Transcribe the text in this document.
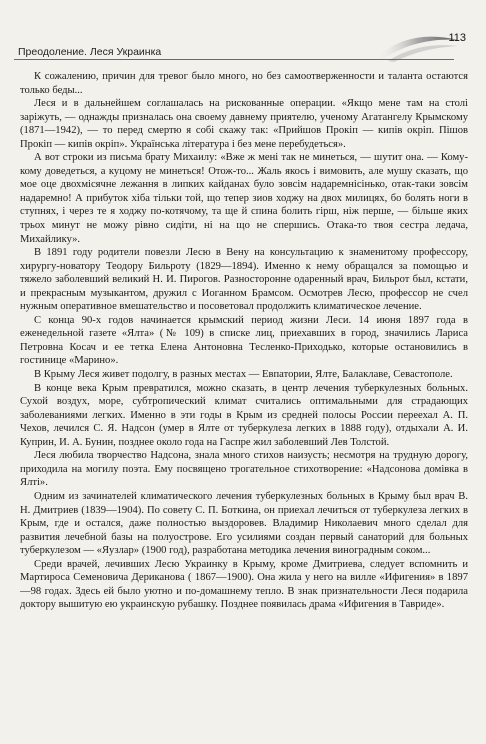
113
Преодоление. Леся Украинка

К сожалению, причин для тревог было много, но без самоотверженности и таланта остаются только беды...

Леся и в дальнейшем соглашалась на рискованные операции. «Якщо мене там на столі заріжуть, — однажды призналась она своему давнему приятелю, ученому Агатангелу Крымскому (1871—1942), — то перед смертю я собі скажу так: «Прийшов Прокіп — кипів окріп. Пішов Прокіп — кипів окріп». Українська література і без мене перебудеться».

А вот строки из письма брату Михаилу: «Вже ж мені так не минеться, — шутит она. — Кому-кому доведеться, а куцому не минеться! Отож-то... Жаль якось і вимовить, але мушу сказать, що мое оце двохмісячне лежання в липких кайданах було зовсім надаремнісінько, отак-таки зовсім надаремно! А прибуток хіба тільки той, що тепер зиов ходжу на двох милицях, бо болять ноги в ступнях, і через те я ходжу по-котячому, та ще й спина болить гірш, ніж перше, — більше яких трьох минут не можу рівно сидіти, ні на що не спершись. Отака-то твоя сестра ледача, Михайлику».

В 1891 году родители повезли Лесю в Вену на консультацию к знаменитому профессору, хирургу-новатору Теодору Бильроту (1829—1894). Именно к нему обращался за помощью и тяжело заболевший великий Н. И. Пирогов. Разностороннe одаренный врач, Бильрот был, кстати, и прекрасным музыкантом, дружил с Иоганном Брамсом. Осмотрев Лесю, профессор не счел нужным оперативное вмешательство и посоветовал продолжить климатическое лечение.

С конца 90-х годов начинается крымский период жизни Леси. 14 июня 1897 года в еженедельной газете «Ялта» (№ 109) в списке лиц, приехавших в город, значились Лариса Петровна Косач и ее тетка Елена Антоновна Тесленко-Приходько, которые остановились в гостинице «Марино».

В Крыму Леся живет подолгу, в разных местах — Евпатории, Ялте, Балаклаве, Севастополе.

В конце века Крым превратился, можно сказать, в центр лечения туберкулезных больных. Сухой воздух, море, субтропический климат считались оптимальными для страдающих заболеваниями легких. Именно в эти годы в Крым из средней полосы России переехал А. П. Чехов, лечился С. Я. Надсон (умер в Ялте от туберкулеза легких в 1888 году), отдыхали А. И. Куприн, И. А. Бунин, позднее около года на Гаспре жил заболевший Лев Толстой.

Леся любила творчество Надсона, знала много стихов наизусть; несмотря на трудную дорогу, приходила на могилу поэта. Ему посвящено трогательное стихотворение: «Надсонова домівка в Ялті».

Одним из зачинателей климатического лечения туберкулезных больных в Крыму был врач В. Н. Дмитриев (1839—1904). По совету С. П. Боткина, он приехал лечиться от туберкулеза легких в Крым, где и остался, даже полностью выздоровев. Владимир Николаевич много сделал для развития лечебной базы на полуострове. Его усилиями создан первый санаторий для больных туберкулезом — «Яузлар» (1900 год), разработана методика лечения виноградным соком...

Среди врачей, лечивших Лесю Украинку в Крыму, кроме Дмитриева, следует вспомнить и Мартироса Семеновича Дериканова ( 1867—1900). Она жила у него на вилле «Ифигения» в 1897—98 годах. Здесь ей было уютно и по-домашнему тепло. В знак признательности Леся подарила доктору вышитую ею украинскую рубашку. Позднее появилась драма «Ифигения в Тавриде».
